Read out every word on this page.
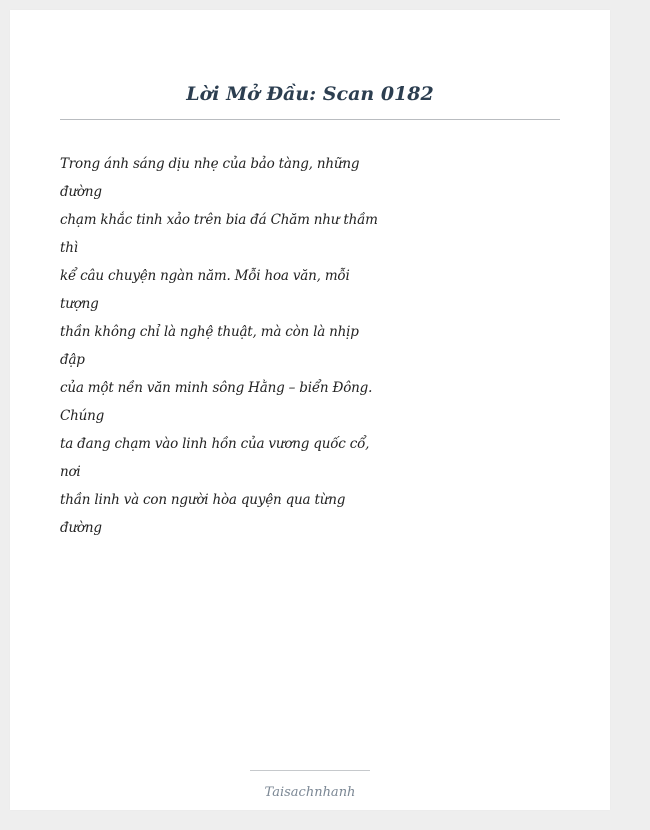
Lời Mở Đầu: Scan 0182
Trong ánh sáng dịu nhẹ của bảo tàng, những
đường
chạm khắc tinh xảo trên bia đá Chăm như thầm
thì
kể câu chuyện ngàn năm. Mỗi hoa văn, mỗi
tượng
thần không chỉ là nghệ thuật, mà còn là nhịp
đập
của một nền văn minh sông Hằng – biển Đông.
Chúng
ta đang chạm vào linh hồn của vương quốc cổ,
nơi
thần linh và con người hòa quyện qua từng
đường
Taisachnhanh
